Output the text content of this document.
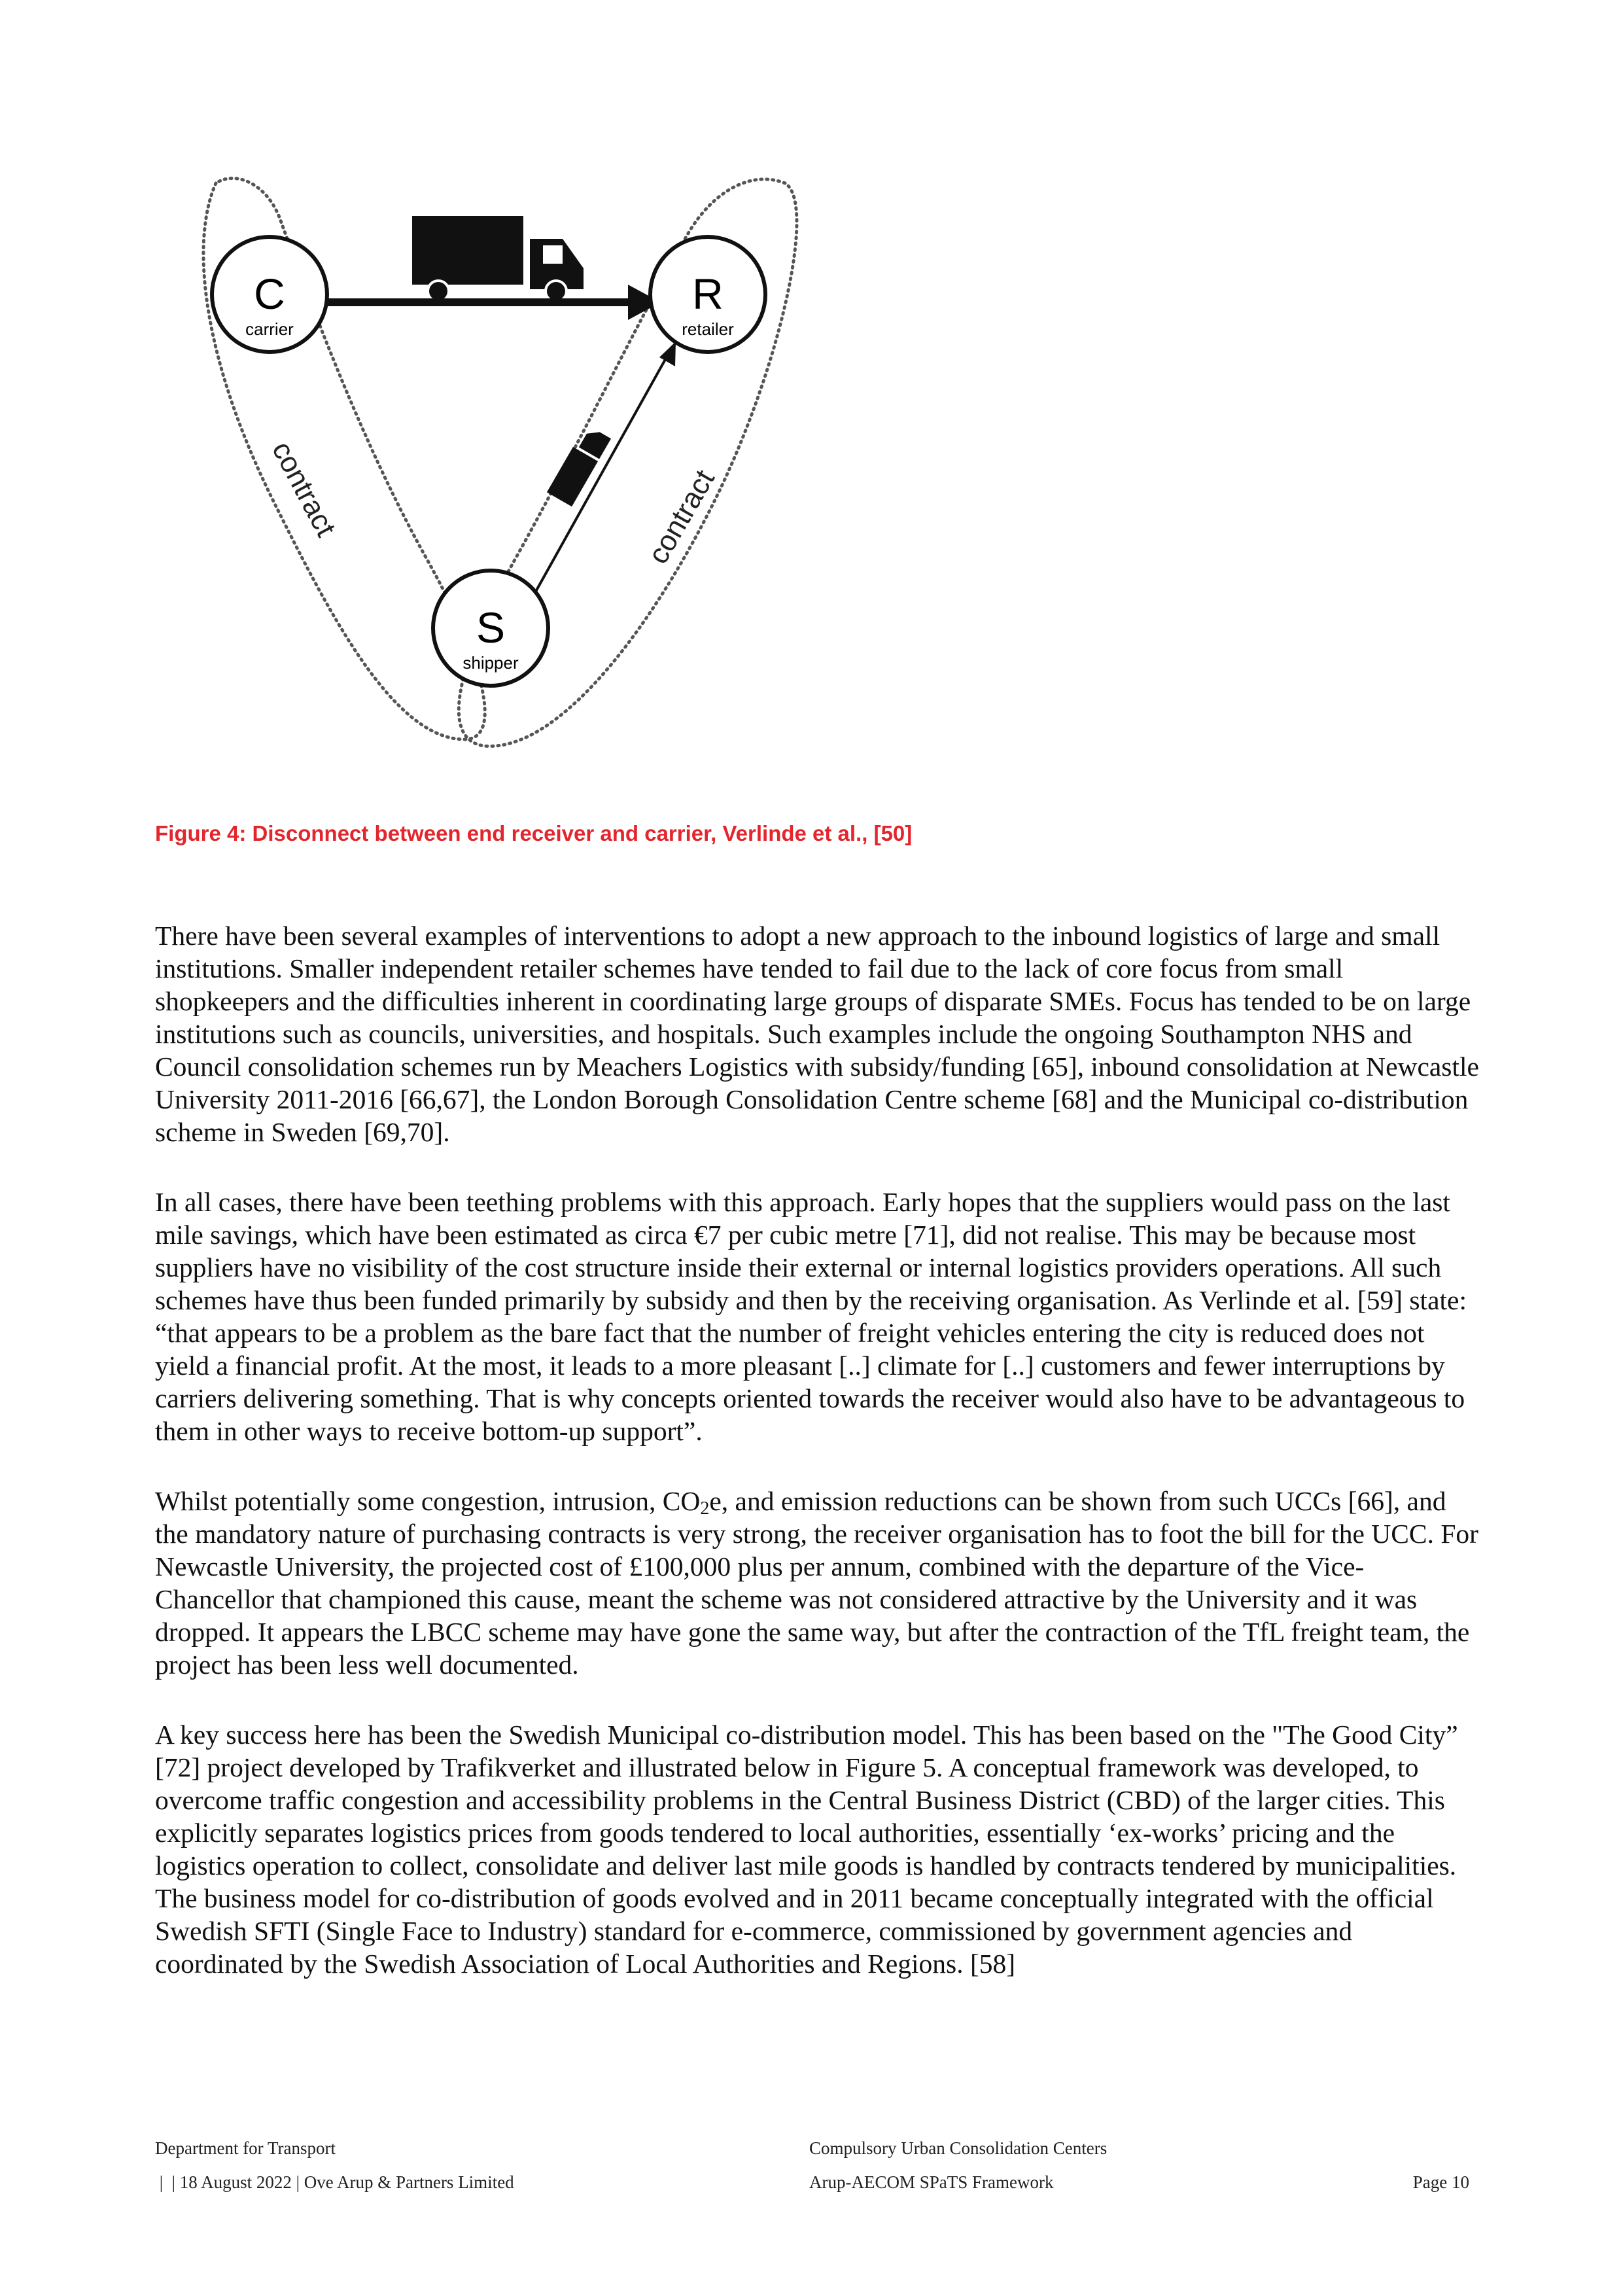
C
carrier
R
retailer
S
shipper
contract	contract
Figure 4: Disconnect between end receiver and carrier, Verlinde et al., [50]

There have been several examples of interventions to adopt a new approach to the inbound logistics of large and small institutions. Smaller independent retailer schemes have tended to fail due to the lack of core focus from small shopkeepers and the difficulties inherent in coordinating large groups of disparate SMEs. Focus has tended to be on large institutions such as councils, universities, and hospitals. Such examples include the ongoing Southampton NHS and Council consolidation schemes run by Meachers Logistics with subsidy/funding [65], inbound consolidation at Newcastle University 2011-2016 [66,67], the London Borough Consolidation Centre scheme [68] and the Municipal co-distribution scheme in Sweden [69,70].

In all cases, there have been teething problems with this approach. Early hopes that the suppliers would pass on the last mile savings, which have been estimated as circa €7 per cubic metre [71], did not realise. This may be because most suppliers have no visibility of the cost structure inside their external or internal logistics providers operations. All such schemes have thus been funded primarily by subsidy and then by the receiving organisation. As Verlinde et al. [59] state: “that appears to be a problem as the bare fact that the number of freight vehicles entering the city is reduced does not yield a financial profit. At the most, it leads to a more pleasant [..] climate for [..] customers and fewer interruptions by carriers delivering something. That is why concepts oriented towards the receiver would also have to be advantageous to them in other ways to receive bottom-up support”.

Whilst potentially some congestion, intrusion, $CO_2e$, and emission reductions can be shown from such UCCs [66], and the mandatory nature of purchasing contracts is very strong, the receiver organisation has to foot the bill for the UCC. For Newcastle University, the projected cost of £100,000 plus per annum, combined with the departure of the Vice-Chancellor that championed this cause, meant the scheme was not considered attractive by the University and it was dropped. It appears the LBCC scheme may have gone the same way, but after the contraction of the TfL freight team, the project has been less well documented.

A key success here has been the Swedish Municipal co-distribution model. This has been based on the "The Good City” [72] project developed by Trafikverket and illustrated below in Figure 5. A conceptual framework was developed, to overcome traffic congestion and accessibility problems in the Central Business District (CBD) of the larger cities. This explicitly separates logistics prices from goods tendered to local authorities, essentially ‘ex-works’ pricing and the logistics operation to collect, consolidate and deliver last mile goods is handled by contracts tendered by municipalities. The business model for co-distribution of goods evolved and in 2011 became conceptually integrated with the official Swedish SFTI (Single Face to Industry) standard for e-commerce, commissioned by government agencies and coordinated by the Swedish Association of Local Authorities and Regions. [58]

Department for Transport
|  | 18 August 2022 | Ove Arup & Partners Limited
Compulsory Urban Consolidation Centers
Arup-AECOM SPaTS Framework	Page 10
